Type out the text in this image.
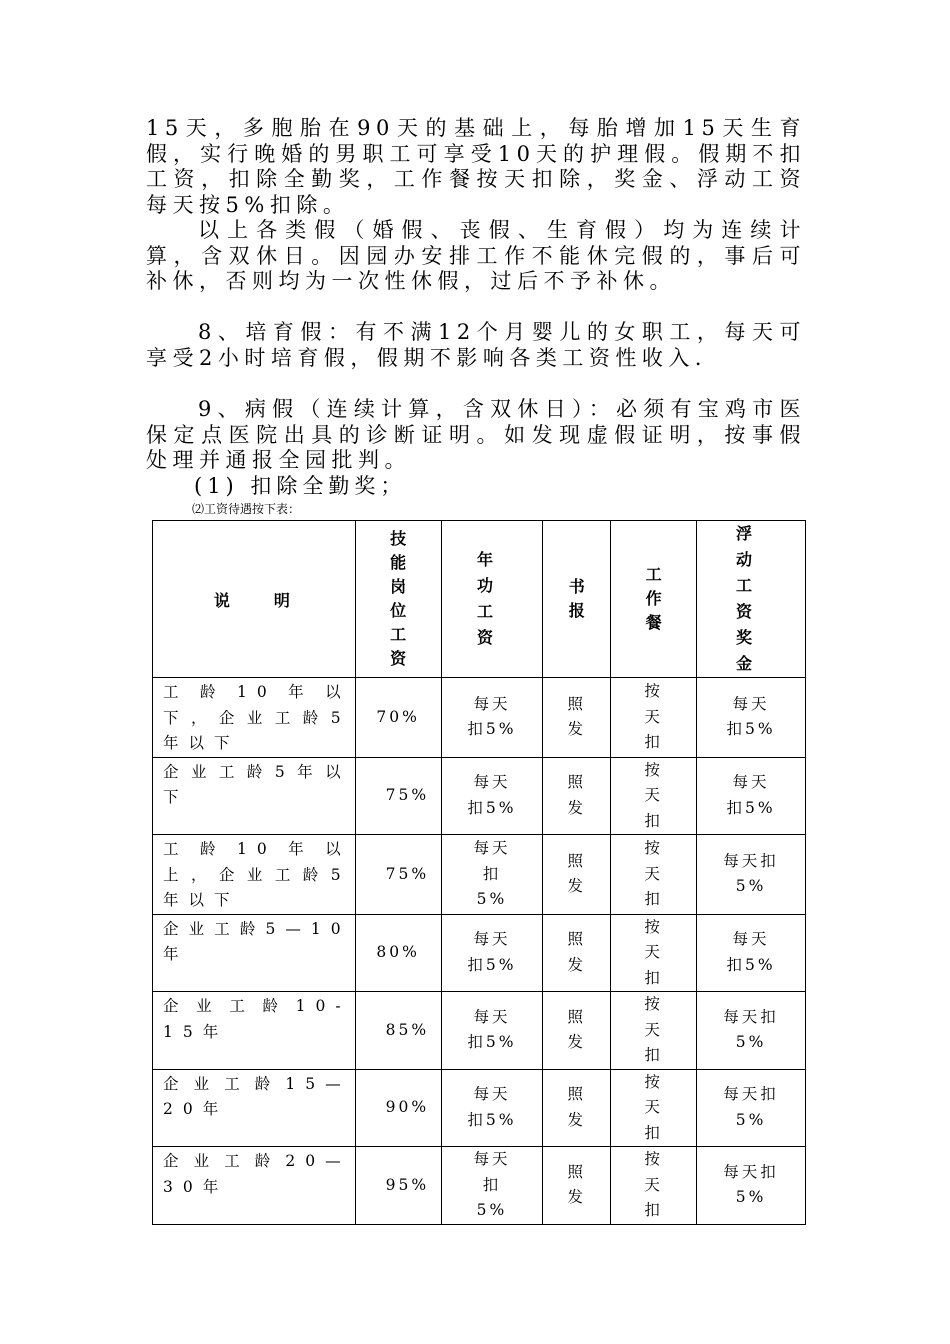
15天，多胞胎在90天的基础上，每胎增加15天生育假，实行晚婚的男职工可享受10天的护理假。假期不扣工资，扣除全勤奖，工作餐按天扣除，奖金、浮动工资每天按5%扣除。

以上各类假（婚假、丧假、生育假）均为连续计算，含双休日。因园办安排工作不能休完假的，事后可补休，否则均为一次性休假，过后不予补休。

8、培育假：有不满12个月婴儿的女职工，每天可享受2小时培育假，假期不影响各类工资性收入．

9、病假（连续计算，含双休日）：必须有宝鸡市医保定点医院出具的诊断证明。如发现虚假证明，按事假处理并通报全园批判。

(1) 扣除全勤奖；

⑵工资待遇按下表：

说　　明	技能岗位工资	年功工资	书报	工作餐	浮动工资奖金
工龄10年以下，企业工龄5年以下	70%	每天扣5%	照发	按天扣	每天扣5%
企业工龄5年以下	75%	每天扣5%	照发	按天扣	每天扣5%
工龄10年以上，企业工龄5年以下	75%	每天扣5%	照发	按天扣	每天扣5%
企业工龄5—10年	80%	每天扣5%	照发	按天扣	每天扣5%
企业工龄10-15年	85%	每天扣5%	照发	按天扣	每天扣5%
企业工龄15—20年	90%	每天扣5%	照发	按天扣	每天扣5%
企业工龄20—30年	95%	每天扣5%	照发	按天扣	每天扣5%
